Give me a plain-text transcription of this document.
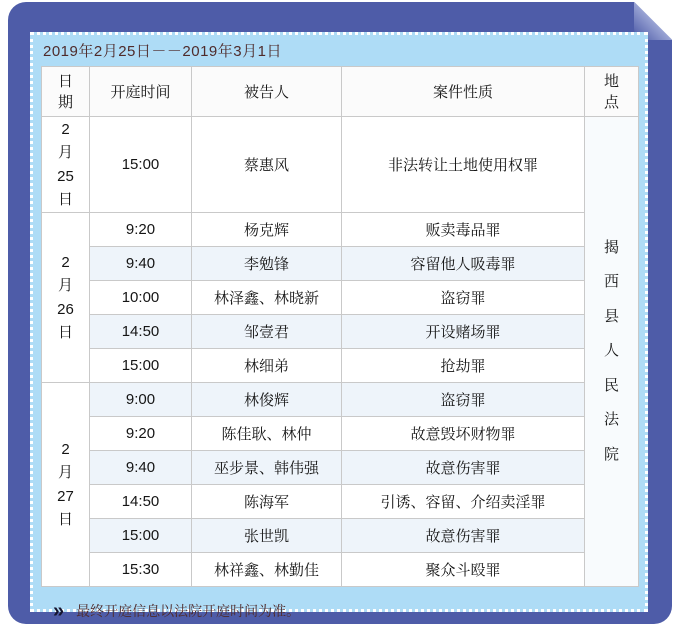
2019年2月25日－－2019年3月1日
日期	开庭时间	被告人	案件性质	地点
2月25日	15:00	蔡惠风	非法转让土地使用权罪	揭西县人民法院
2月26日	9:20	杨克辉	贩卖毒品罪	
	9:40	李勉锋	容留他人吸毒罪	
	10:00	林泽鑫、林晓新	盗窃罪	
	14:50	邹壹君	开设赌场罪	
	15:00	林细弟	抢劫罪	
2月27日	9:00	林俊辉	盗窃罪	
	9:20	陈佳耿、林仲	故意毁坏财物罪	
	9:40	巫步景、韩伟强	故意伤害罪	
	14:50	陈海军	引诱、容留、介绍卖淫罪	
	15:00	张世凯	故意伤害罪	
	15:30	林祥鑫、林勤佳	聚众斗殴罪	
» 最终开庭信息以法院开庭时间为准。
